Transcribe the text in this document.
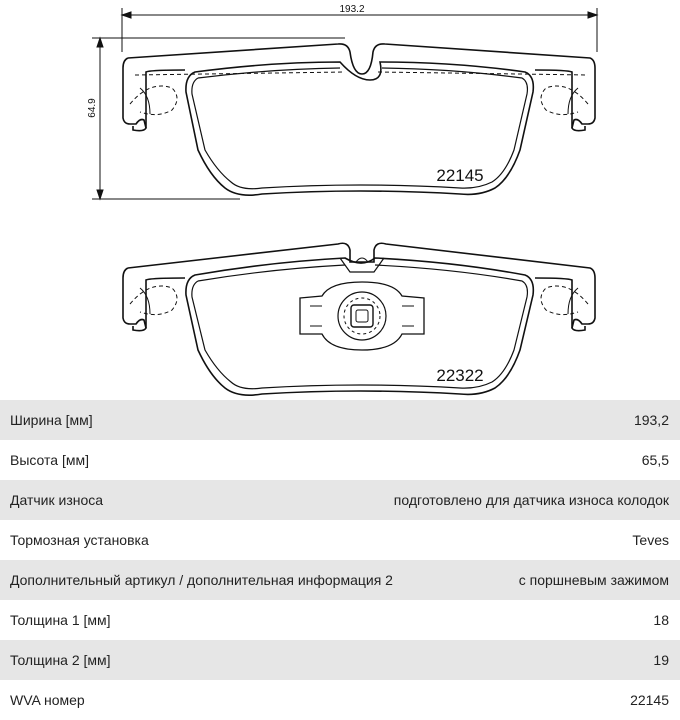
193.2
64.9
22145
22322
Ширина [мм]	193,2
Высота [мм]	65,5
Датчик износа	подготовлено для датчика износа колодок
Тормозная установка	Teves
Дополнительный артикул / дополнительная информация 2	с поршневым зажимом
Толщина 1 [мм]	18
Толщина 2 [мм]	19
WVA номер	22145
